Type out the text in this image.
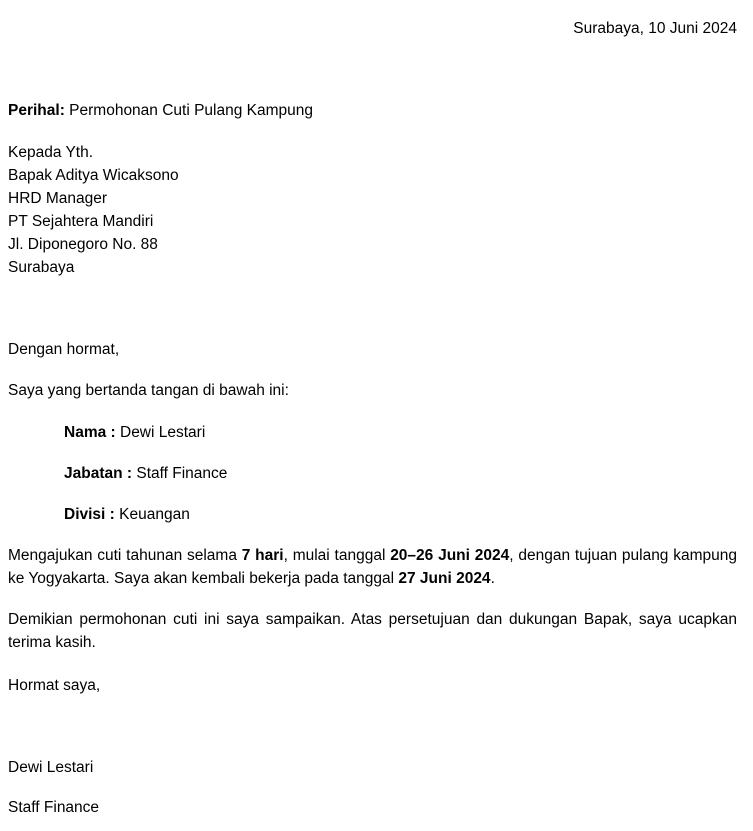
Surabaya, 10 Juni 2024
Perihal: Permohonan Cuti Pulang Kampung
Kepada Yth.
Bapak Aditya Wicaksono
HRD Manager
PT Sejahtera Mandiri
Jl. Diponegoro No. 88
Surabaya
Dengan hormat,
Saya yang bertanda tangan di bawah ini:
Nama : Dewi Lestari
Jabatan : Staff Finance
Divisi : Keuangan
Mengajukan cuti tahunan selama 7 hari, mulai tanggal 20–26 Juni 2024, dengan tujuan pulang kampung ke Yogyakarta. Saya akan kembali bekerja pada tanggal 27 Juni 2024.
Demikian permohonan cuti ini saya sampaikan. Atas persetujuan dan dukungan Bapak, saya ucapkan terima kasih.
Hormat saya,
Dewi Lestari
Staff Finance
